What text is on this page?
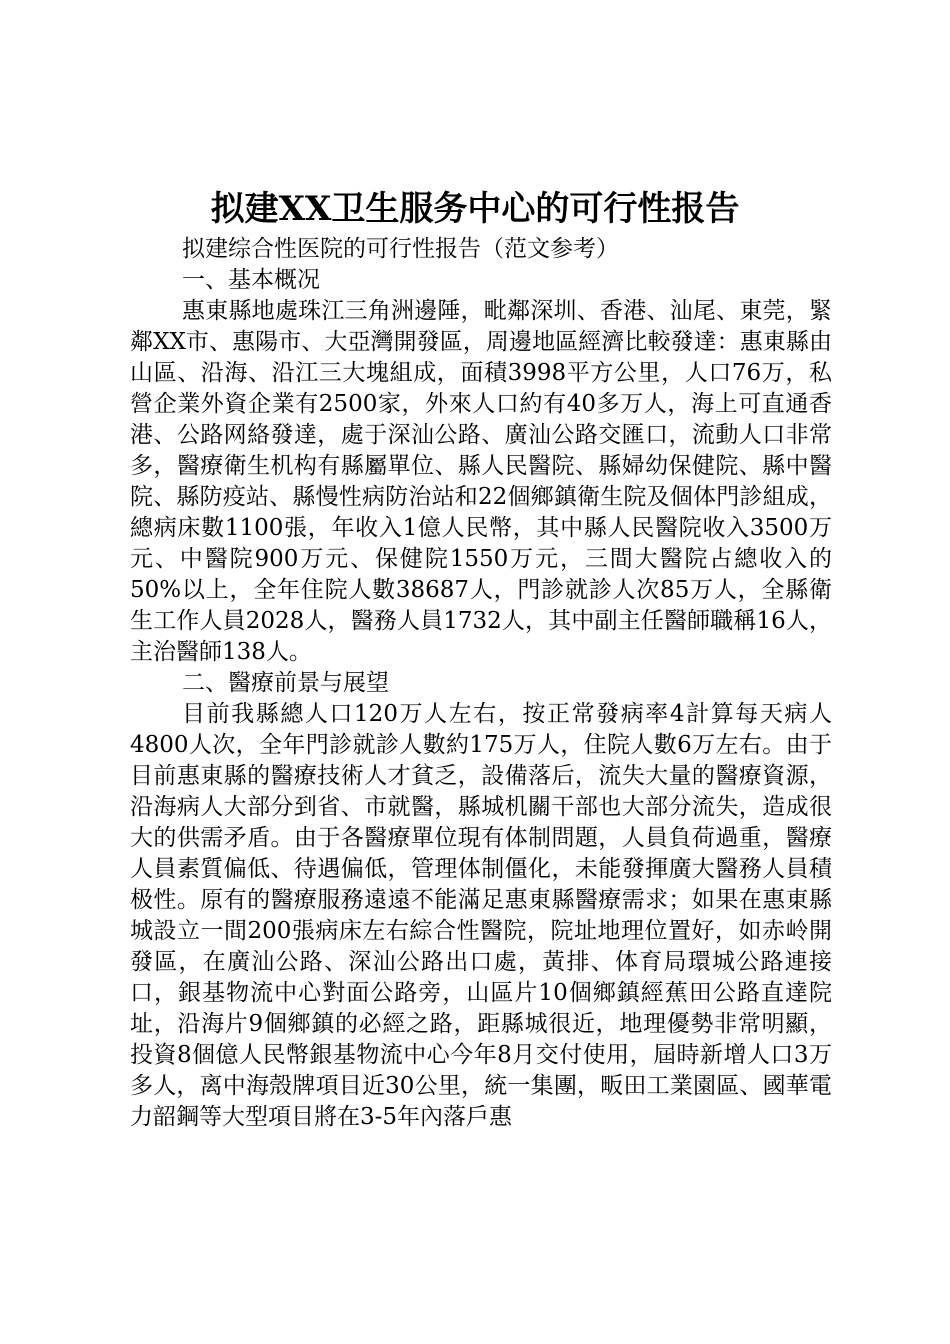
拟建XX卫生服务中心的可行性报告

拟建综合性医院的可行性报告（范文参考）

一、基本概况

惠東縣地處珠江三角洲邊陲，毗鄰深圳、香港、汕尾、東莞，緊鄰XX市、惠陽市、大亞灣開發區，周邊地區經濟比較發達：惠東縣由山區、沿海、沿江三大塊組成，面積3998平方公里，人口76万，私營企業外資企業有2500家，外來人口約有40多万人，海上可直通香港、公路网絡發達，處于深汕公路、廣汕公路交匯口，流動人口非常多，醫療衛生机构有縣屬單位、縣人民醫院、縣婦幼保健院、縣中醫院、縣防疫站、縣慢性病防治站和22個鄉鎮衛生院及個体門診組成，總病床數1100張，年收入1億人民幣，其中縣人民醫院收入3500万元、中醫院900万元、保健院1550万元，三間大醫院占總收入的50%以上，全年住院人數38687人，門診就診人次85万人，全縣衛生工作人員2028人，醫務人員1732人，其中副主任醫師職稱16人，主治醫師138人。

二、醫療前景与展望

目前我縣總人口120万人左右，按正常發病率4計算每天病人4800人次，全年門診就診人數約175万人，住院人數6万左右。由于目前惠東縣的醫療技術人才貧乏，設備落后，流失大量的醫療資源，沿海病人大部分到省、市就醫，縣城机關干部也大部分流失，造成很大的供需矛盾。由于各醫療單位現有体制問題，人員負荷過重，醫療人員素質偏低、待遇偏低，管理体制僵化，未能發揮廣大醫務人員積极性。原有的醫療服務遠遠不能滿足惠東縣醫療需求；如果在惠東縣城設立一間200張病床左右綜合性醫院，院址地理位置好，如赤岭開發區，在廣汕公路、深汕公路出口處，黃排、体育局環城公路連接口，銀基物流中心對面公路旁，山區片10個鄉鎮經蕉田公路直達院址，沿海片9個鄉鎮的必經之路，距縣城很近，地理優勢非常明顯，投資8個億人民幣銀基物流中心今年8月交付使用，屆時新增人口3万多人，离中海殼牌項目近30公里，統一集團，畈田工業園區、國華電力韶鋼等大型項目將在3-5年內落戶惠
